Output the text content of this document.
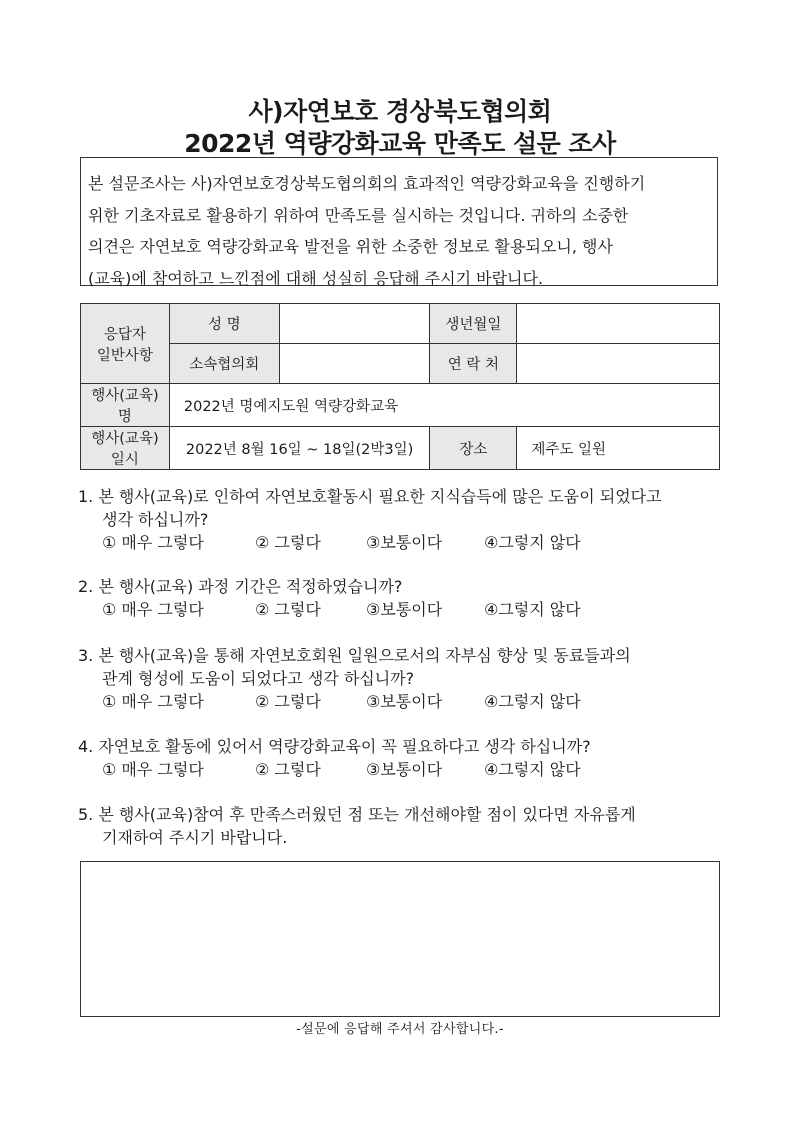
사)자연보호 경상북도협의회
2022년 역량강화교육 만족도 설문 조사
본 설문조사는 사)자연보호경상북도협의회의 효과적인 역량강화교육을 진행하기
위한 기초자료로 활용하기 위하여 만족도를 실시하는 것입니다. 귀하의 소중한
의견은 자연보호 역량강화교육 발전을 위한 소중한 정보로 활용되오니, 행사
(교육)에 참여하고 느낀점에 대해 성실히 응답해 주시기 바랍니다.
응답자
일반사항	성 명		생년월일	
	소속협의회		연 락 처	
행사(교육)명	2022년 명예지도원 역량강화교육			
행사(교육)일시	2022년 8월 16일 ~ 18일(2박3일)		장소	제주도 일원
1. 본 행사(교육)로 인하여 자연보호활동시 필요한 지식습득에 많은 도움이 되었다고
생각 하십니까?
① 매우 그렇다	② 그렇다	③보통이다	④그렇지 않다
2. 본 행사(교육) 과정 기간은 적정하였습니까?
① 매우 그렇다	② 그렇다	③보통이다	④그렇지 않다
3. 본 행사(교육)을 통해 자연보호회원 일원으로서의 자부심 향상 및 동료들과의
관계 형성에 도움이 되었다고 생각 하십니까?
① 매우 그렇다	② 그렇다	③보통이다	④그렇지 않다
4. 자연보호 활동에 있어서 역량강화교육이 꼭 필요하다고 생각 하십니까?
① 매우 그렇다	② 그렇다	③보통이다	④그렇지 않다
5. 본 행사(교육)참여 후 만족스러웠던 점 또는 개선해야할 점이 있다면 자유롭게
기재하여 주시기 바랍니다.
-설문에 응답해 주셔서 감사합니다.-
